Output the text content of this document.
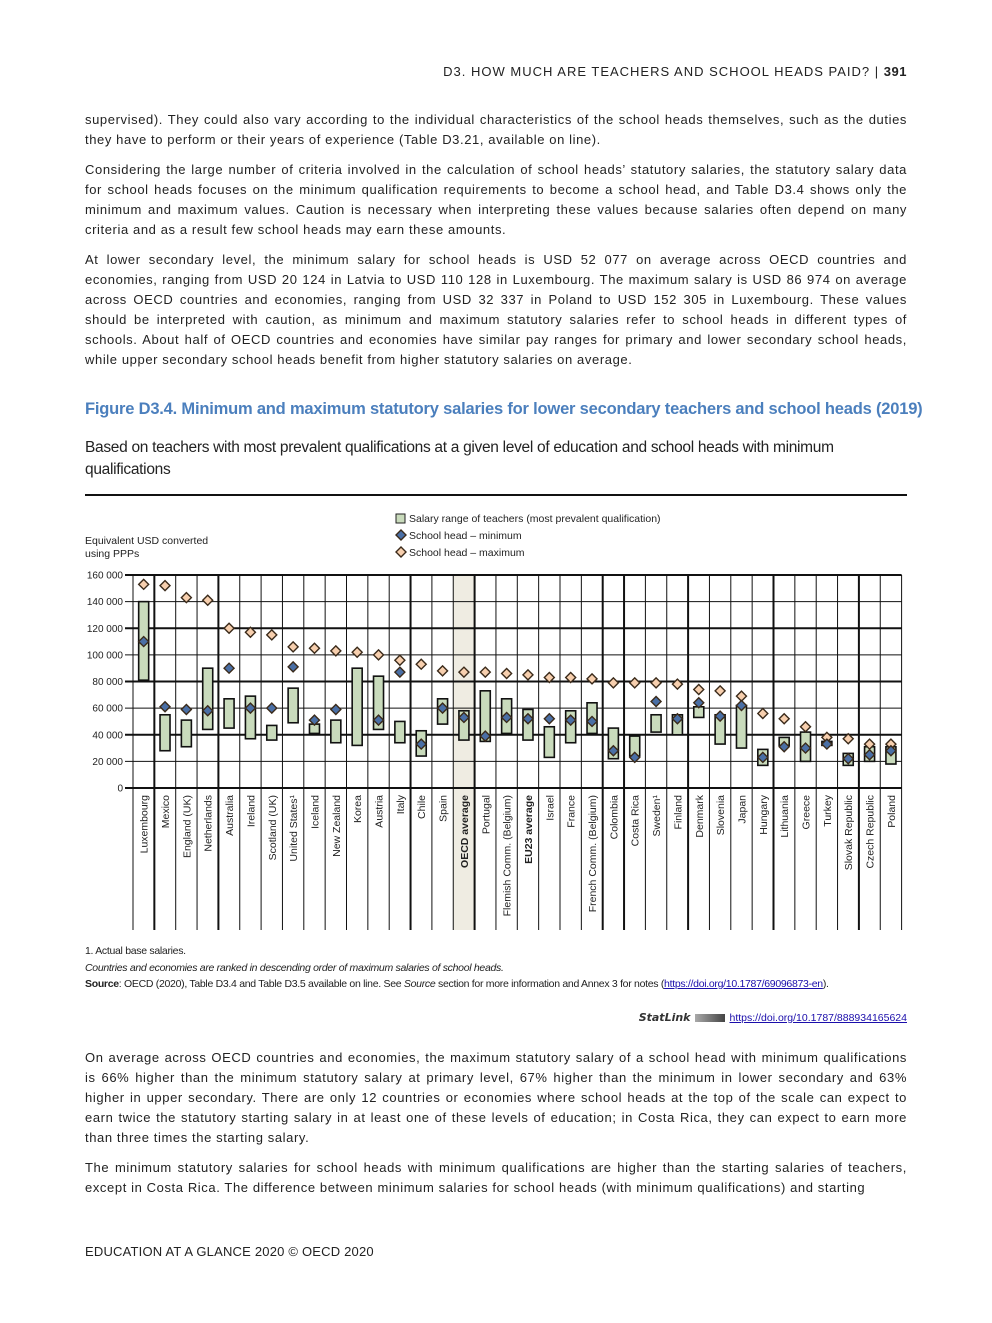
D3. HOW MUCH ARE TEACHERS AND SCHOOL HEADS PAID? | 391

supervised). They could also vary according to the individual characteristics of the school heads themselves, such as the duties they have to perform or their years of experience (Table D3.21, available on line).

Considering the large number of criteria involved in the calculation of school heads’ statutory salaries, the statutory salary data for school heads focuses on the minimum qualification requirements to become a school head, and Table D3.4 shows only the minimum and maximum values. Caution is necessary when interpreting these values because salaries often depend on many criteria and as a result few school heads may earn these amounts.

At lower secondary level, the minimum salary for school heads is USD 52 077 on average across OECD countries and economies, ranging from USD 20 124 in Latvia to USD 110 128 in Luxembourg. The maximum salary is USD 86 974 on average across OECD countries and economies, ranging from USD 32 337 in Poland to USD 152 305 in Luxembourg. These values should be interpreted with caution, as minimum and maximum statutory salaries refer to school heads in different types of schools. About half of OECD countries and economies have similar pay ranges for primary and lower secondary school heads, while upper secondary school heads benefit from higher statutory salaries on average.

Figure D3.4. Minimum and maximum statutory salaries for lower secondary teachers and school heads (2019)
Based on teachers with most prevalent qualifications at a given level of education and school heads with minimum qualifications
0
20 000
40 000
60 000
80 000
100 000
120 000
140 000
160 000
Equivalent USD converted
using PPPs
Salary range of teachers (most prevalent qualification)
School head – minimum
School head – maximum
Luxembourg Mexico England (UK) Netherlands Australia Ireland Scotland (UK) United States¹ Iceland New Zealand Korea Austria Italy Chile Spain OECD average Portugal Flemish Comm. (Belgium) EU23 average Israel France French Comm. (Belgium) Colombia Costa Rica Sweden¹ Finland Denmark Slovenia Japan Hungary Lithuania Greece Turkey Slovak Republic Czech Republic Poland
1. Actual base salaries.
Countries and economies are ranked in descending order of maximum salaries of school heads.
Source: OECD (2020), Table D3.4 and Table D3.5 available on line. See Source section for more information and Annex 3 for notes (https://doi.org/10.1787/69096873-en).
StatLink	https://doi.org/10.1787/888934165624

On average across OECD countries and economies, the maximum statutory salary of a school head with minimum qualifications is 66% higher than the minimum statutory salary at primary level, 67% higher than the minimum in lower secondary and 63% higher in upper secondary. There are only 12 countries or economies where school heads at the top of the scale can expect to earn twice the statutory starting salary in at least one of these levels of education; in Costa Rica, they can expect to earn more than three times the starting salary.

The minimum statutory salaries for school heads with minimum qualifications are higher than the starting salaries of teachers, except in Costa Rica. The difference between minimum salaries for school heads (with minimum qualifications) and starting

EDUCATION AT A GLANCE 2020 © OECD 2020
